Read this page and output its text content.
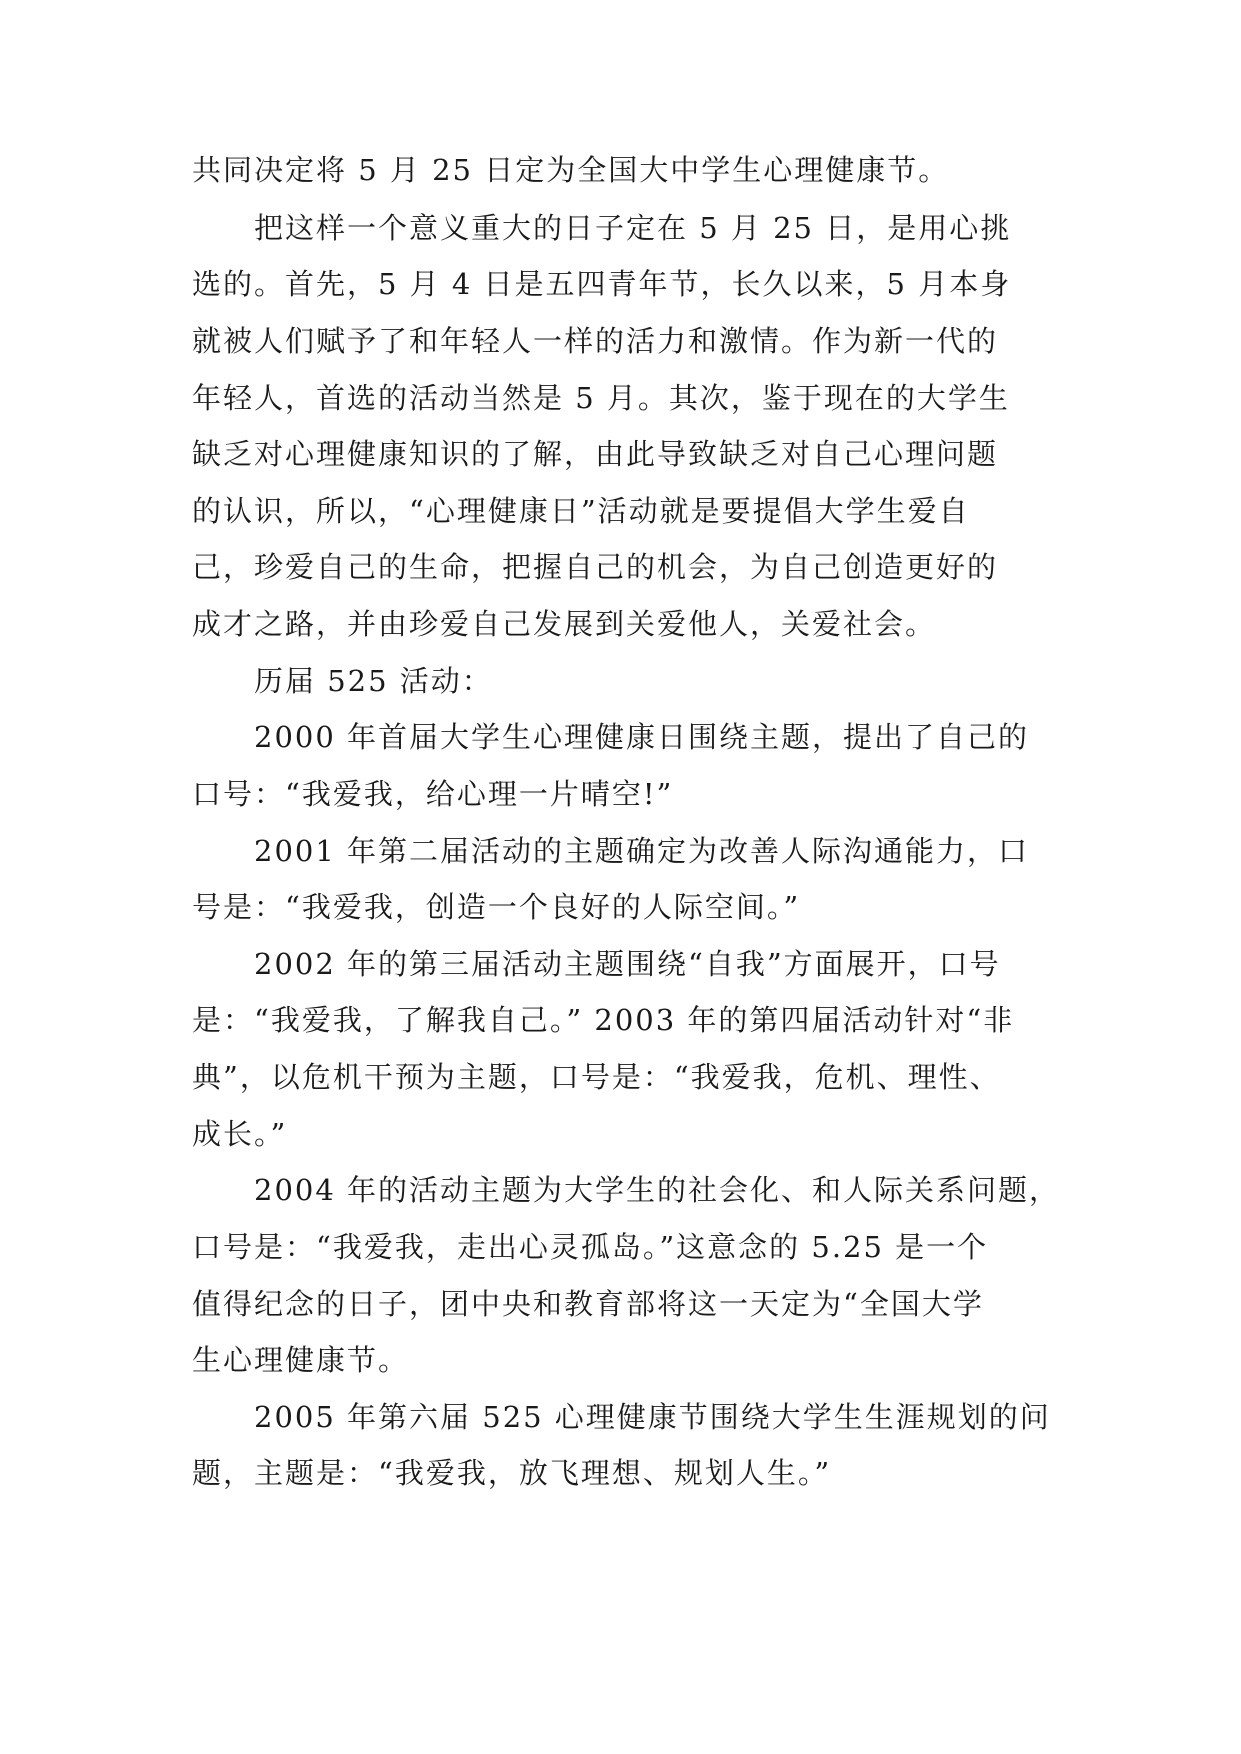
共同决定将 5 月 25 日定为全国大中学生心理健康节。
把这样一个意义重大的日子定在 5 月 25 日，是用心挑
选的。首先，5 月 4 日是五四青年节，长久以来，5 月本身
就被人们赋予了和年轻人一样的活力和激情。作为新一代的
年轻人，首选的活动当然是 5 月。其次，鉴于现在的大学生
缺乏对心理健康知识的了解，由此导致缺乏对自己心理问题
的认识，所以，“心理健康日”活动就是要提倡大学生爱自
己，珍爱自己的生命，把握自己的机会，为自己创造更好的
成才之路，并由珍爱自己发展到关爱他人，关爱社会。
历届 525 活动：
2000 年首届大学生心理健康日围绕主题，提出了自己的
口号：“我爱我，给心理一片晴空!”
2001 年第二届活动的主题确定为改善人际沟通能力，口
号是：“我爱我，创造一个良好的人际空间。”
2002 年的第三届活动主题围绕“自我”方面展开，口号
是：“我爱我，了解我自己。” 2003 年的第四届活动针对“非
典”，以危机干预为主题，口号是：“我爱我，危机、理性、
成长。”
2004 年的活动主题为大学生的社会化、和人际关系问题，
口号是：“我爱我，走出心灵孤岛。”这意念的 5.25 是一个
值得纪念的日子，团中央和教育部将这一天定为“全国大学
生心理健康节。
2005 年第六届 525 心理健康节围绕大学生生涯规划的问
题，主题是：“我爱我，放飞理想、规划人生。”
